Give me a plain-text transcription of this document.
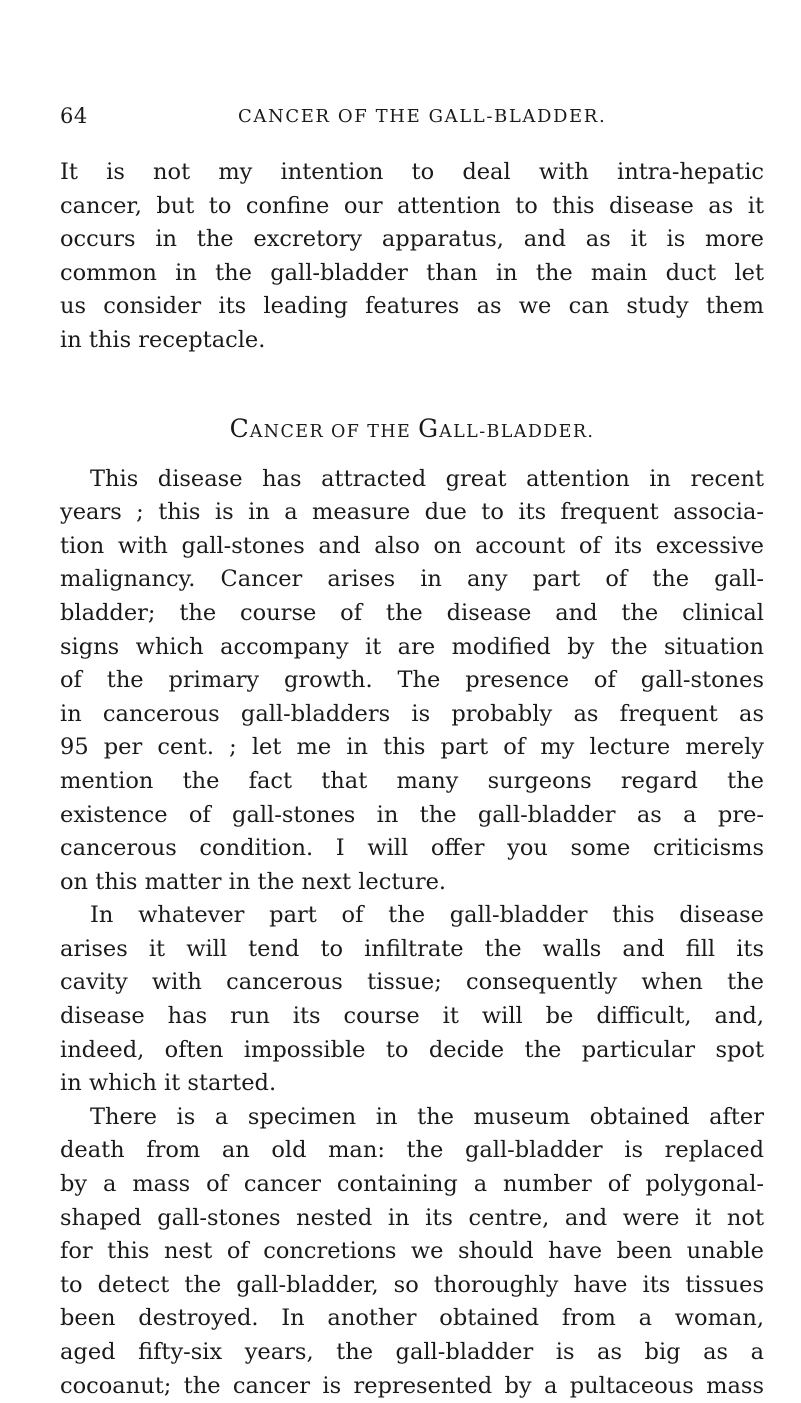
64	CANCER OF THE GALL-BLADDER.
It is not my intention to deal with intra-hepatic
cancer, but to confine our attention to this disease as it
occurs in the excretory apparatus, and as it is more
common in the gall-bladder than in the main duct let
us consider its leading features as we can study them
in this receptacle.
CANCER OF THE GALL-BLADDER.
This disease has attracted great attention in recent
years ; this is in a measure due to its frequent associa-
tion with gall-stones and also on account of its excessive
malignancy. Cancer arises in any part of the gall-
bladder; the course of the disease and the clinical
signs which accompany it are modified by the situation
of the primary growth. The presence of gall-stones
in cancerous gall-bladders is probably as frequent as
95 per cent. ; let me in this part of my lecture merely
mention the fact that many surgeons regard the
existence of gall-stones in the gall-bladder as a pre-
cancerous condition. I will offer you some criticisms
on this matter in the next lecture.
In whatever part of the gall-bladder this disease
arises it will tend to infiltrate the walls and fill its
cavity with cancerous tissue; consequently when the
disease has run its course it will be difficult, and,
indeed, often impossible to decide the particular spot
in which it started.
There is a specimen in the museum obtained after
death from an old man: the gall-bladder is replaced
by a mass of cancer containing a number of polygonal-
shaped gall-stones nested in its centre, and were it not
for this nest of concretions we should have been unable
to detect the gall-bladder, so thoroughly have its tissues
been destroyed. In another obtained from a woman,
aged fifty-six years, the gall-bladder is as big as a
cocoanut; the cancer is represented by a pultaceous mass
